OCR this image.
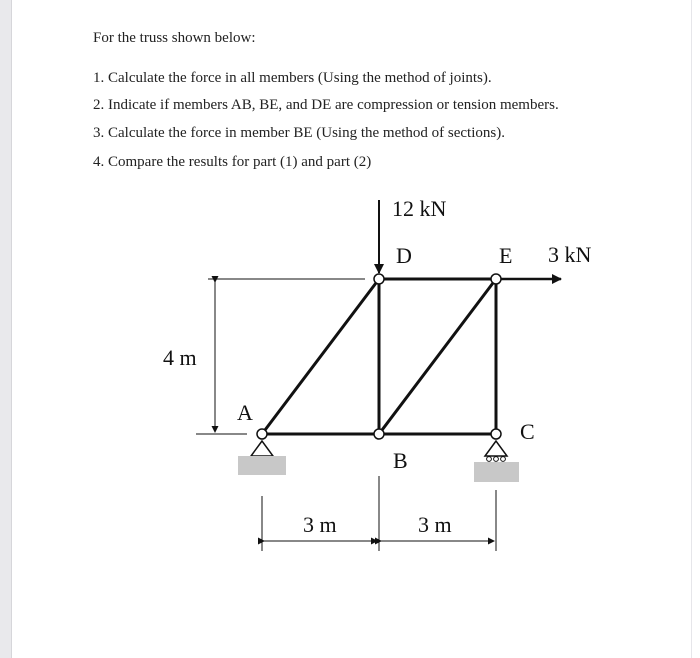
For the truss shown below:
1. Calculate the force in all members (Using the method of joints).
2. Indicate if members AB, BE, and DE are compression or tension members.
3. Calculate the force in member BE (Using the method of sections).
4. Compare the results for part (1) and part (2)
12 kN
3 kN
D	E
A
B
C
4 m
3 m	3 m
